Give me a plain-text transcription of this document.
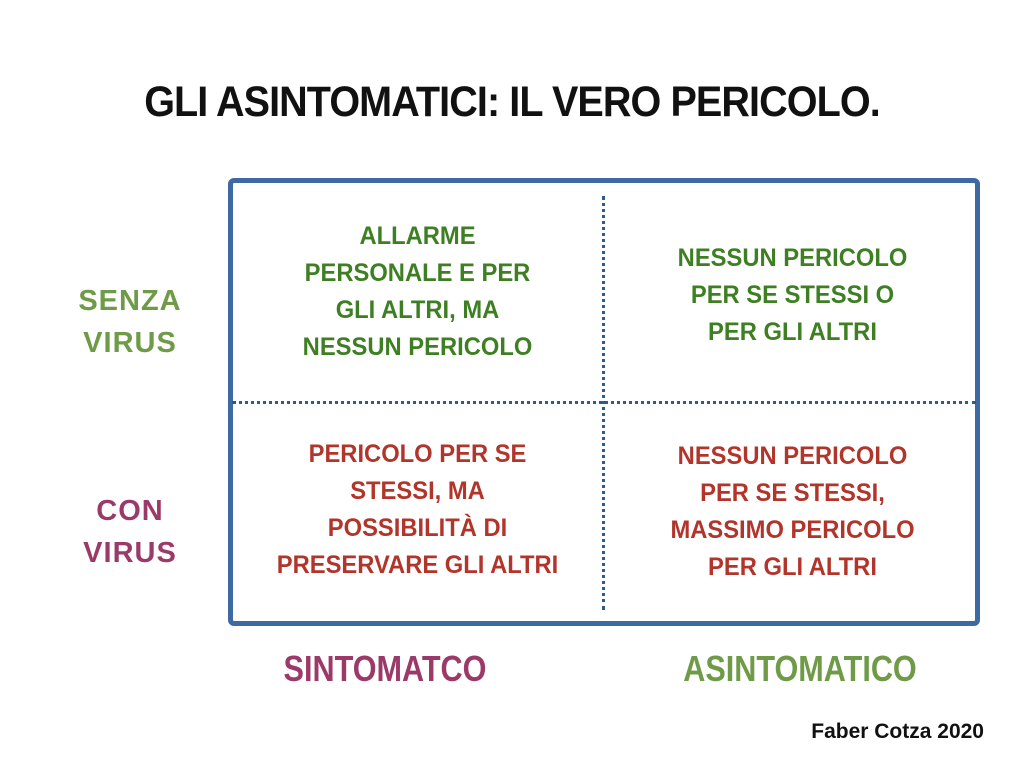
GLI ASINTOMATICI: IL VERO PERICOLO.
SENZA
VIRUS
CON
VIRUS
ALLARME
PERSONALE E PER
GLI ALTRI, MA
NESSUN PERICOLO
NESSUN PERICOLO
PER SE STESSI O
PER GLI ALTRI
PERICOLO PER SE
STESSI, MA
POSSIBILITÀ DI
PRESERVARE GLI ALTRI
NESSUN PERICOLO
PER SE STESSI,
MASSIMO PERICOLO
PER GLI ALTRI
SINTOMATCO	ASINTOMATICO
Faber Cotza 2020
